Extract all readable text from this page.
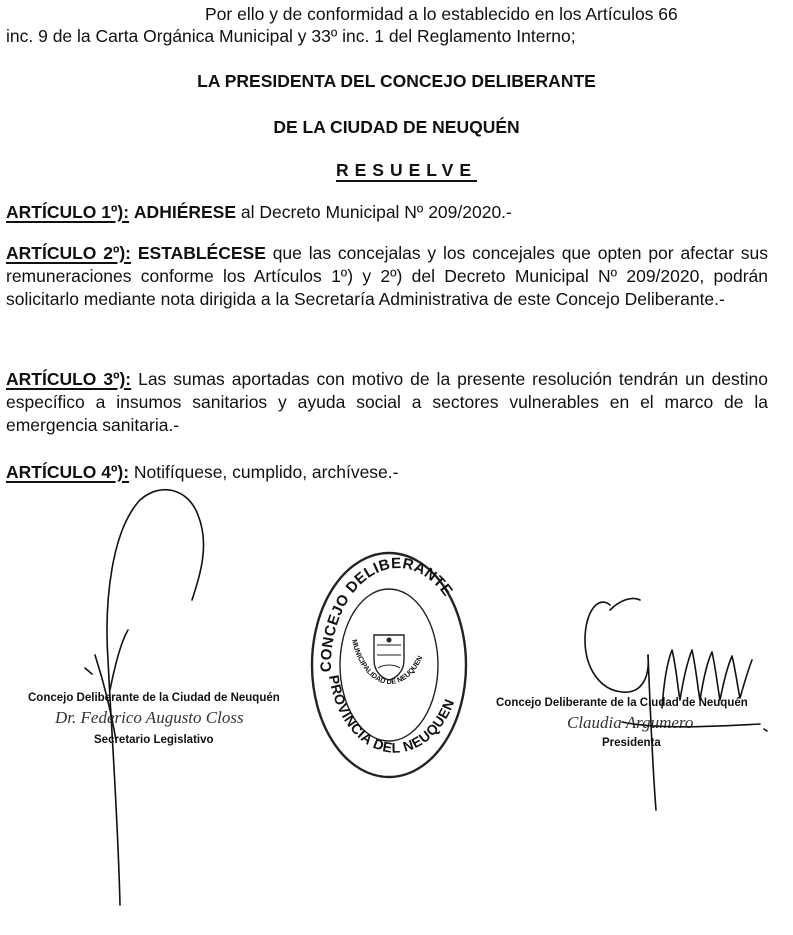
Por ello y de conformidad a lo establecido en los Artículos 66
inc. 9 de la Carta Orgánica Municipal y 33º inc. 1 del Reglamento Interno;
LA PRESIDENTA DEL CONCEJO DELIBERANTE
DE LA CIUDAD DE NEUQUÉN
RESUELVE
ARTÍCULO 1º): ADHIÉRESE al Decreto Municipal Nº 209/2020.-
ARTÍCULO 2º): ESTABLÉCESE que las concejalas y los concejales que opten por afectar sus remuneraciones conforme los Artículos 1º) y 2º) del Decreto Municipal Nº 209/2020, podrán solicitarlo mediante nota dirigida a la Secretaría Administrativa de este Concejo Deliberante.-
ARTÍCULO 3º): Las sumas aportadas con motivo de la presente resolución tendrán un destino específico a insumos sanitarios y ayuda social a sectores vulnerables en el marco de la emergencia sanitaria.-
ARTÍCULO 4º): Notifíquese, cumplido, archívese.-
Concejo Deliberante de la Ciudad de Neuquén
Dr. Federico Augusto Closs
Secretario Legislativo
Concejo Deliberante de la Ciudad de Neuquén
Claudia Argumero
Presidenta
CONCEJO DELIBERANTE
PROVINCIA DEL NEUQUEN
MUNICIPALIDAD DE NEUQUEN
